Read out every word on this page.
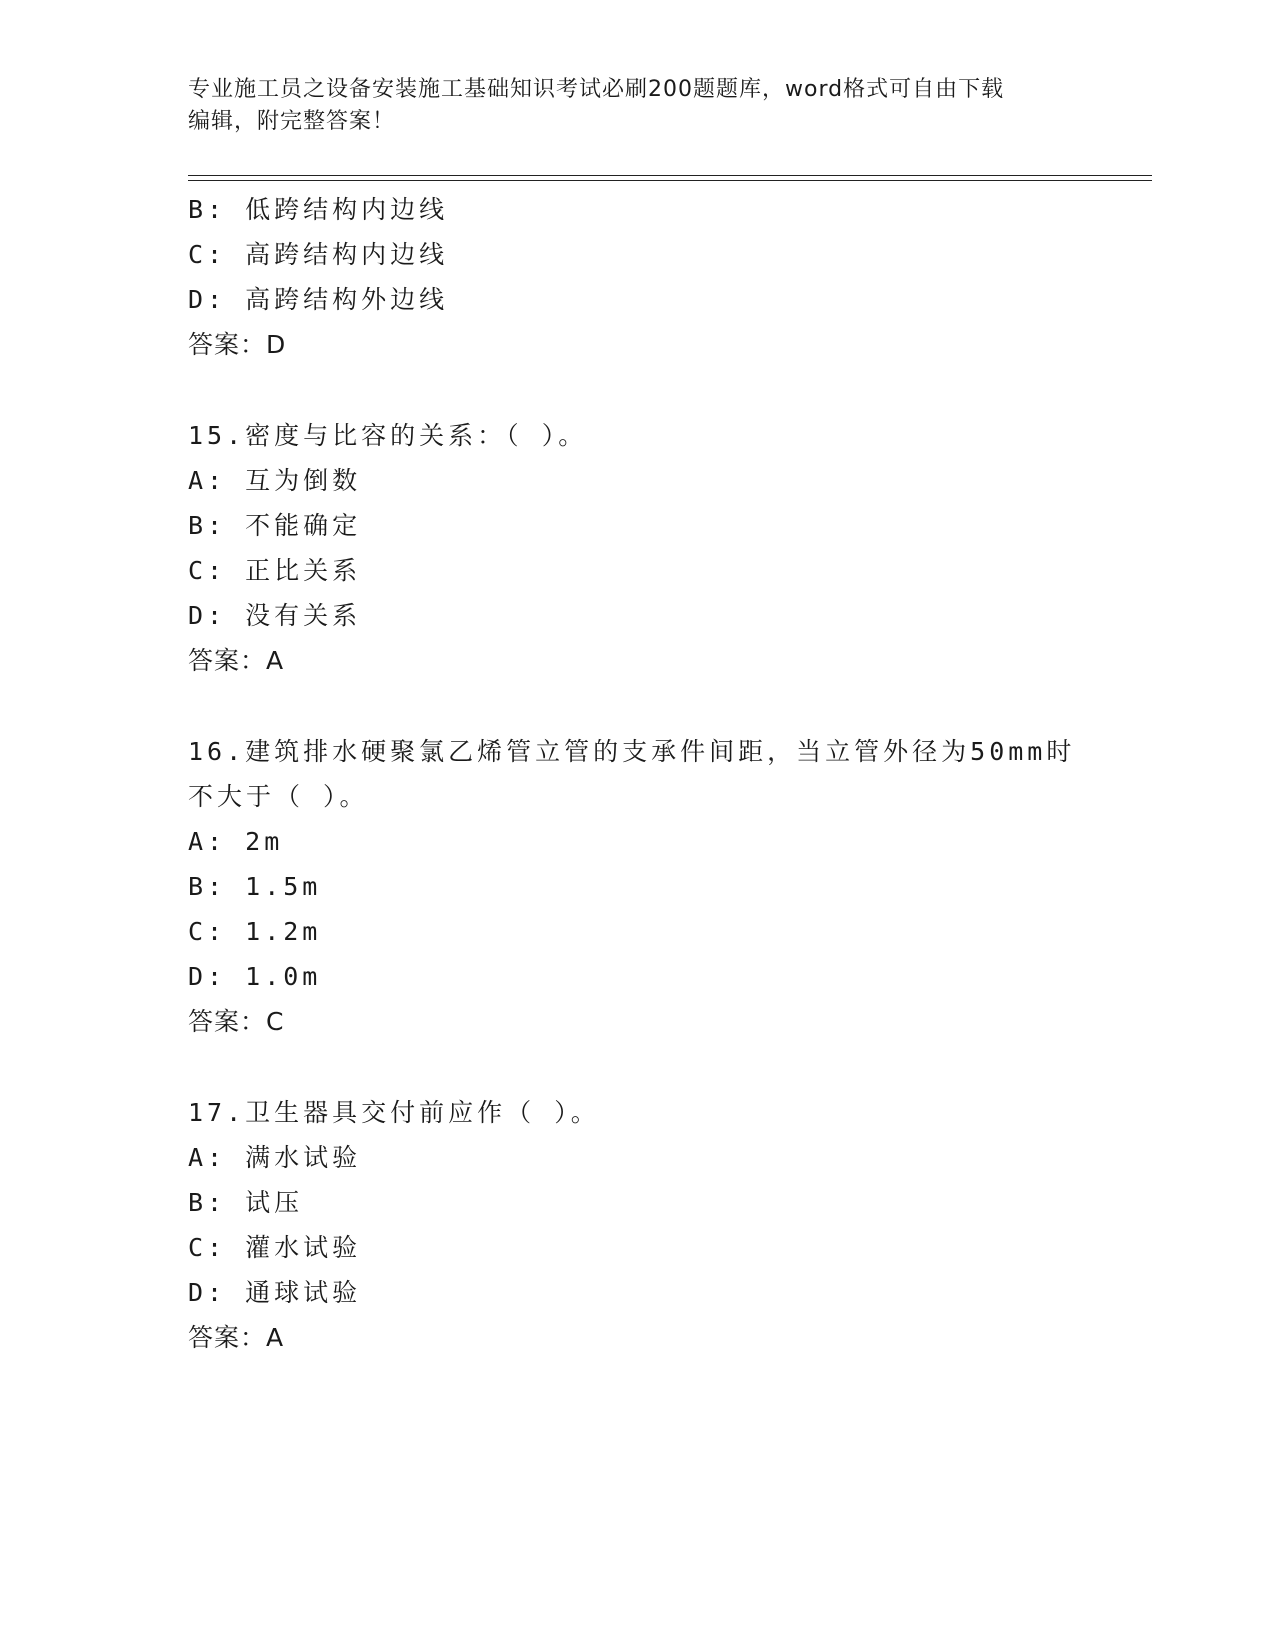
专业施工员之设备安装施工基础知识考试必刷200题题库，word格式可自由下载
编辑，附完整答案！
B: 低跨结构内边线
C: 高跨结构内边线
D: 高跨结构外边线
答案：D
15.密度与比容的关系：（ ）。
A: 互为倒数
B: 不能确定
C: 正比关系
D: 没有关系
答案：A
16.建筑排水硬聚氯乙烯管立管的支承件间距，当立管外径为50mm时
不大于（ ）。
A: 2m
B: 1.5m
C: 1.2m
D: 1.0m
答案：C
17.卫生器具交付前应作（ ）。
A: 满水试验
B: 试压
C: 灌水试验
D: 通球试验
答案：A
